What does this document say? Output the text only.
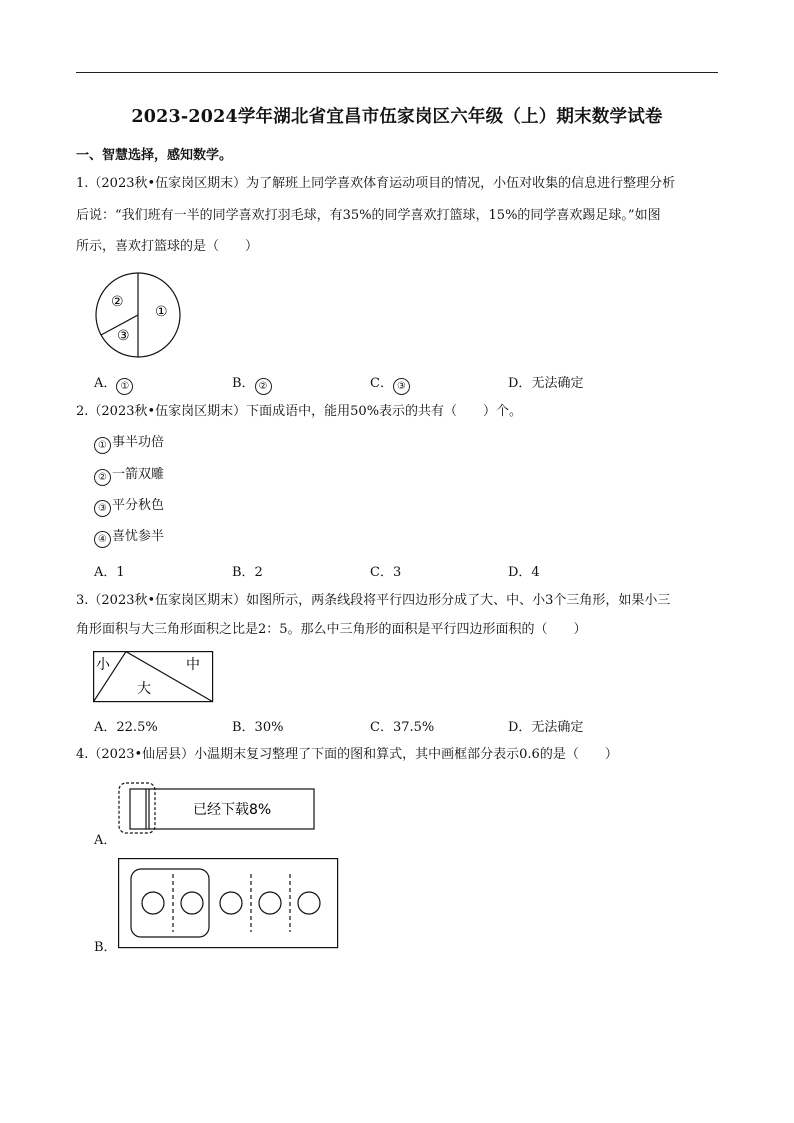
2023-2024学年湖北省宜昌市伍家岗区六年级（上）期末数学试卷
一、智慧选择，感知数学。
1.（2023秋•伍家岗区期末）为了解班上同学喜欢体育运动项目的情况，小伍对收集的信息进行整理分析
后说：“我们班有一半的同学喜欢打羽毛球，有35%的同学喜欢打篮球，15%的同学喜欢踢足球。”如图
所示，喜欢打篮球的是（　　）
①
②
③
A． ①	B． ②	C． ③	D．无法确定
2.（2023秋•伍家岗区期末）下面成语中，能用50%表示的共有（　　）个。
① 事半功倍
② 一箭双雕
③ 平分秋色
④ 喜忧参半
A．1	B．2	C．3	D．4
3.（2023秋•伍家岗区期末）如图所示，两条线段将平行四边形分成了大、中、小3个三角形，如果小三
角形面积与大三角形面积之比是2：5。那么中三角形的面积是平行四边形面积的（　　）
小	中
大
A．22.5%	B．30%	C．37.5%	D．无法确定
4.（2023•仙居县）小温期末复习整理了下面的图和算式，其中画框部分表示0.6的是（　　）
已经下载8%
A．
B．
